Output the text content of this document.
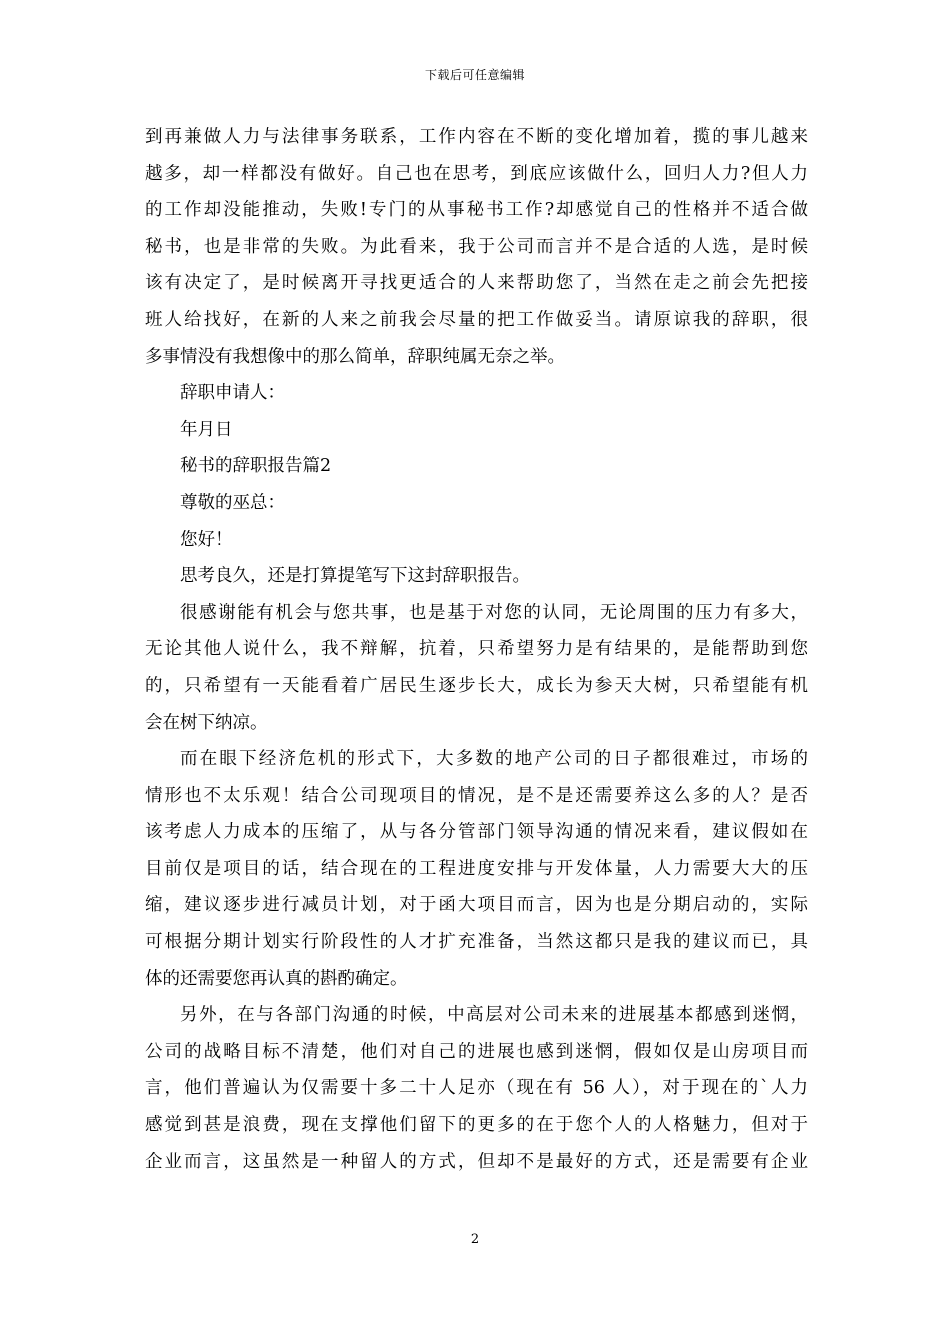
下载后可任意编辑
到再兼做人力与法律事务联系，工作内容在不断的变化增加着，揽的事儿越来
越多，却一样都没有做好。自己也在思考，到底应该做什么，回归人力?但人力
的工作却没能推动，失败!专门的从事秘书工作?却感觉自己的性格并不适合做
秘书，也是非常的失败。为此看来，我于公司而言并不是合适的人选，是时候
该有决定了，是时候离开寻找更适合的人来帮助您了，当然在走之前会先把接
班人给找好，在新的人来之前我会尽量的把工作做妥当。请原谅我的辞职，很
多事情没有我想像中的那么简单，辞职纯属无奈之举。
辞职申请人：
年月日
秘书的辞职报告篇2
尊敬的巫总：
您好！
思考良久，还是打算提笔写下这封辞职报告。
很感谢能有机会与您共事，也是基于对您的认同，无论周围的压力有多大，
无论其他人说什么，我不辩解，抗着，只希望努力是有结果的，是能帮助到您
的，只希望有一天能看着广居民生逐步长大，成长为参天大树，只希望能有机
会在树下纳凉。
而在眼下经济危机的形式下，大多数的地产公司的日子都很难过，市场的
情形也不太乐观！结合公司现项目的情况，是不是还需要养这么多的人？是否
该考虑人力成本的压缩了，从与各分管部门领导沟通的情况来看，建议假如在
目前仅是项目的话，结合现在的工程进度安排与开发体量，人力需要大大的压
缩，建议逐步进行减员计划，对于函大项目而言，因为也是分期启动的，实际
可根据分期计划实行阶段性的人才扩充准备，当然这都只是我的建议而已，具
体的还需要您再认真的斟酌确定。
另外，在与各部门沟通的时候，中高层对公司未来的进展基本都感到迷惘，
公司的战略目标不清楚，他们对自己的进展也感到迷惘，假如仅是山房项目而
言，他们普遍认为仅需要十多二十人足亦（现在有 56 人），对于现在的`人力
感觉到甚是浪费，现在支撑他们留下的更多的在于您个人的人格魅力，但对于
企业而言，这虽然是一种留人的方式，但却不是最好的方式，还是需要有企业
2
